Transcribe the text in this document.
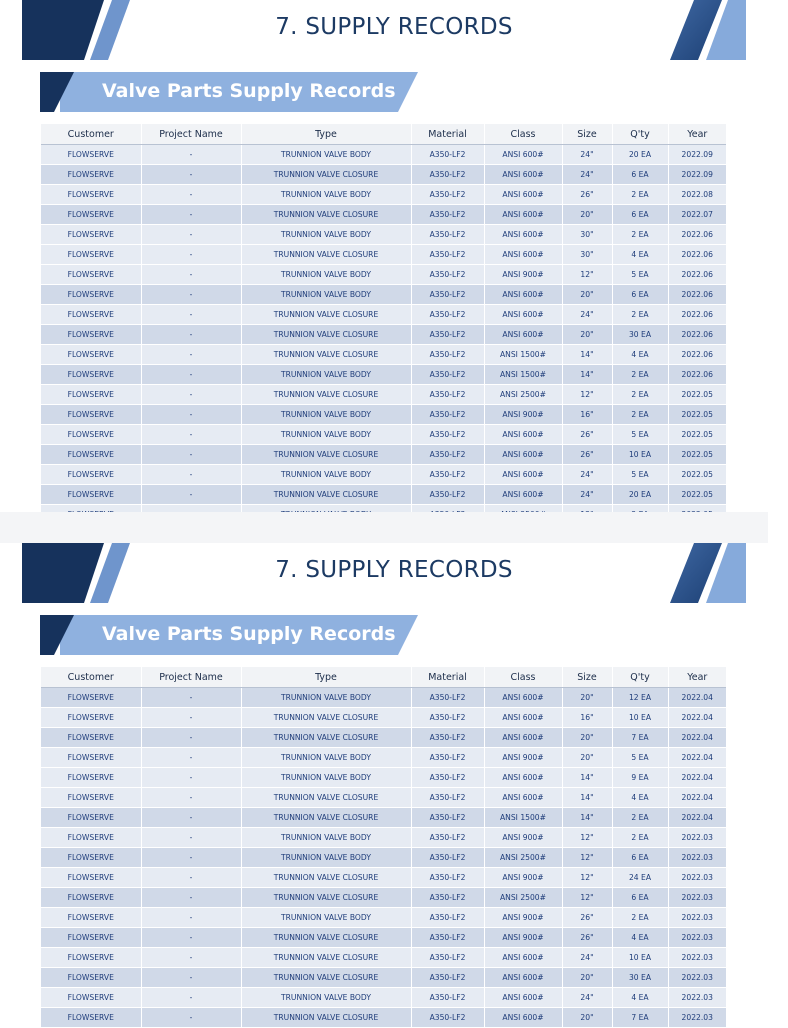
7. SUPPLY RECORDS
Valve Parts Supply Records
Customer	Project Name	Type	Material	Class	Size	Q'ty	Year
FLOWSERVE	-	TRUNNION VALVE BODY	A350-LF2	ANSI 600#	24"	20 EA	2022.09
FLOWSERVE	-	TRUNNION VALVE CLOSURE	A350-LF2	ANSI 600#	24"	6 EA	2022.09
FLOWSERVE	-	TRUNNION VALVE BODY	A350-LF2	ANSI 600#	26"	2 EA	2022.08
FLOWSERVE	-	TRUNNION VALVE CLOSURE	A350-LF2	ANSI 600#	20"	6 EA	2022.07
FLOWSERVE	-	TRUNNION VALVE BODY	A350-LF2	ANSI 600#	30"	2 EA	2022.06
FLOWSERVE	-	TRUNNION VALVE CLOSURE	A350-LF2	ANSI 600#	30"	4 EA	2022.06
FLOWSERVE	-	TRUNNION VALVE BODY	A350-LF2	ANSI 900#	12"	5 EA	2022.06
FLOWSERVE	-	TRUNNION VALVE BODY	A350-LF2	ANSI 600#	20"	6 EA	2022.06
FLOWSERVE	-	TRUNNION VALVE CLOSURE	A350-LF2	ANSI 600#	24"	2 EA	2022.06
FLOWSERVE	-	TRUNNION VALVE CLOSURE	A350-LF2	ANSI 600#	20"	30 EA	2022.06
FLOWSERVE	-	TRUNNION VALVE CLOSURE	A350-LF2	ANSI 1500#	14"	4 EA	2022.06
FLOWSERVE	-	TRUNNION VALVE BODY	A350-LF2	ANSI 1500#	14"	2 EA	2022.06
FLOWSERVE	-	TRUNNION VALVE CLOSURE	A350-LF2	ANSI 2500#	12"	2 EA	2022.05
FLOWSERVE	-	TRUNNION VALVE BODY	A350-LF2	ANSI 900#	16"	2 EA	2022.05
FLOWSERVE	-	TRUNNION VALVE BODY	A350-LF2	ANSI 600#	26"	5 EA	2022.05
FLOWSERVE	-	TRUNNION VALVE CLOSURE	A350-LF2	ANSI 600#	26"	10 EA	2022.05
FLOWSERVE	-	TRUNNION VALVE BODY	A350-LF2	ANSI 600#	24"	5 EA	2022.05
FLOWSERVE	-	TRUNNION VALVE CLOSURE	A350-LF2	ANSI 600#	24"	20 EA	2022.05

7. SUPPLY RECORDS
Valve Parts Supply Records
Customer	Project Name	Type	Material	Class	Size	Q'ty	Year
FLOWSERVE	-	TRUNNION VALVE BODY	A350-LF2	ANSI 600#	20"	12 EA	2022.04
FLOWSERVE	-	TRUNNION VALVE CLOSURE	A350-LF2	ANSI 600#	16"	10 EA	2022.04
FLOWSERVE	-	TRUNNION VALVE CLOSURE	A350-LF2	ANSI 600#	20"	7 EA	2022.04
FLOWSERVE	-	TRUNNION VALVE BODY	A350-LF2	ANSI 900#	20"	5 EA	2022.04
FLOWSERVE	-	TRUNNION VALVE BODY	A350-LF2	ANSI 600#	14"	9 EA	2022.04
FLOWSERVE	-	TRUNNION VALVE CLOSURE	A350-LF2	ANSI 600#	14"	4 EA	2022.04
FLOWSERVE	-	TRUNNION VALVE CLOSURE	A350-LF2	ANSI 1500#	14"	2 EA	2022.04
FLOWSERVE	-	TRUNNION VALVE BODY	A350-LF2	ANSI 900#	12"	2 EA	2022.03
FLOWSERVE	-	TRUNNION VALVE BODY	A350-LF2	ANSI 2500#	12"	6 EA	2022.03
FLOWSERVE	-	TRUNNION VALVE CLOSURE	A350-LF2	ANSI 900#	12"	24 EA	2022.03
FLOWSERVE	-	TRUNNION VALVE CLOSURE	A350-LF2	ANSI 2500#	12"	6 EA	2022.03
FLOWSERVE	-	TRUNNION VALVE BODY	A350-LF2	ANSI 900#	26"	2 EA	2022.03
FLOWSERVE	-	TRUNNION VALVE CLOSURE	A350-LF2	ANSI 900#	26"	4 EA	2022.03
FLOWSERVE	-	TRUNNION VALVE CLOSURE	A350-LF2	ANSI 600#	24"	10 EA	2022.03
FLOWSERVE	-	TRUNNION VALVE CLOSURE	A350-LF2	ANSI 600#	20"	30 EA	2022.03
FLOWSERVE	-	TRUNNION VALVE BODY	A350-LF2	ANSI 600#	24"	4 EA	2022.03
FLOWSERVE	-	TRUNNION VALVE CLOSURE	A350-LF2	ANSI 600#	20"	7 EA	2022.03
